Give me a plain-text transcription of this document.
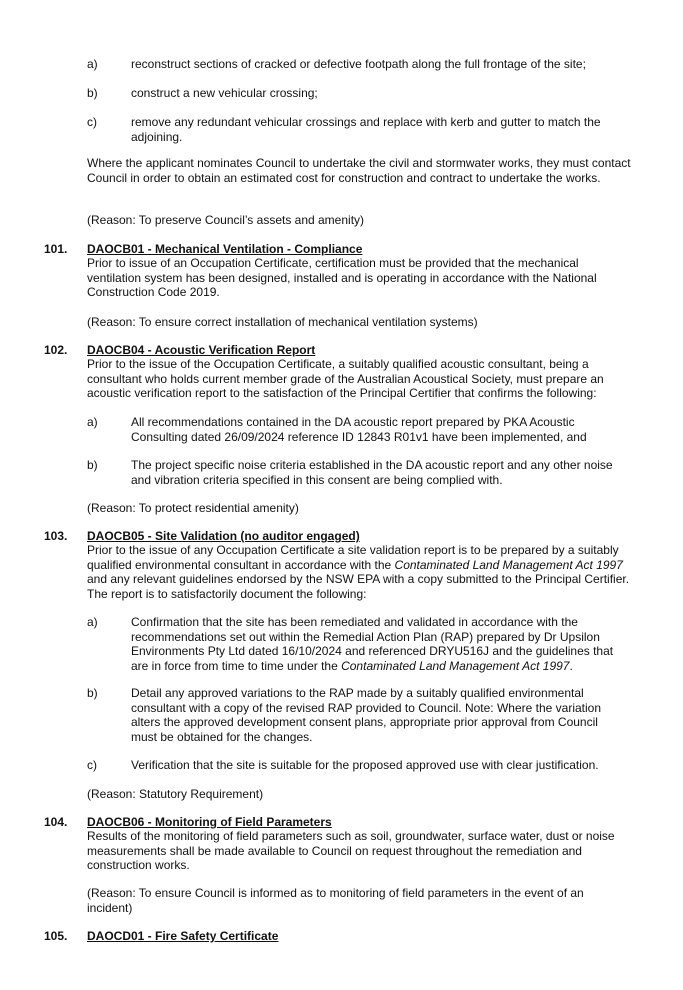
a)	reconstruct sections of cracked or defective footpath along the full frontage of the site;
b)	construct a new vehicular crossing;
c)	remove any redundant vehicular crossings and replace with kerb and gutter to match the adjoining.

Where the applicant nominates Council to undertake the civil and stormwater works, they must contact Council in order to obtain an estimated cost for construction and contract to undertake the works.

(Reason: To preserve Council’s assets and amenity)

101. DAOCB01 - Mechanical Ventilation - Compliance

Prior to issue of an Occupation Certificate, certification must be provided that the mechanical ventilation system has been designed, installed and is operating in accordance with the National Construction Code 2019.

(Reason: To ensure correct installation of mechanical ventilation systems)

102. DAOCB04 - Acoustic Verification Report

Prior to the issue of the Occupation Certificate, a suitably qualified acoustic consultant, being a consultant who holds current member grade of the Australian Acoustical Society, must prepare an acoustic verification report to the satisfaction of the Principal Certifier that confirms the following:

a)	All recommendations contained in the DA acoustic report prepared by PKA Acoustic Consulting dated 26/09/2024 reference ID 12843 R01v1 have been implemented, and
b)	The project specific noise criteria established in the DA acoustic report and any other noise and vibration criteria specified in this consent are being complied with.

(Reason: To protect residential amenity)

103. DAOCB05 - Site Validation (no auditor engaged)

Prior to the issue of any Occupation Certificate a site validation report is to be prepared by a suitably qualified environmental consultant in accordance with the Contaminated Land Management Act 1997 and any relevant guidelines endorsed by the NSW EPA with a copy submitted to the Principal Certifier. The report is to satisfactorily document the following:

a)	Confirmation that the site has been remediated and validated in accordance with the recommendations set out within the Remedial Action Plan (RAP) prepared by Dr Upsilon Environments Pty Ltd dated 16/10/2024 and referenced DRYU516J and the guidelines that are in force from time to time under the Contaminated Land Management Act 1997.
b)	Detail any approved variations to the RAP made by a suitably qualified environmental consultant with a copy of the revised RAP provided to Council. Note: Where the variation alters the approved development consent plans, appropriate prior approval from Council must be obtained for the changes.
c)	Verification that the site is suitable for the proposed approved use with clear justification.

(Reason: Statutory Requirement)

104. DAOCB06 - Monitoring of Field Parameters

Results of the monitoring of field parameters such as soil, groundwater, surface water, dust or noise measurements shall be made available to Council on request throughout the remediation and construction works.

(Reason: To ensure Council is informed as to monitoring of field parameters in the event of an incident)

105. DAOCD01 - Fire Safety Certificate
